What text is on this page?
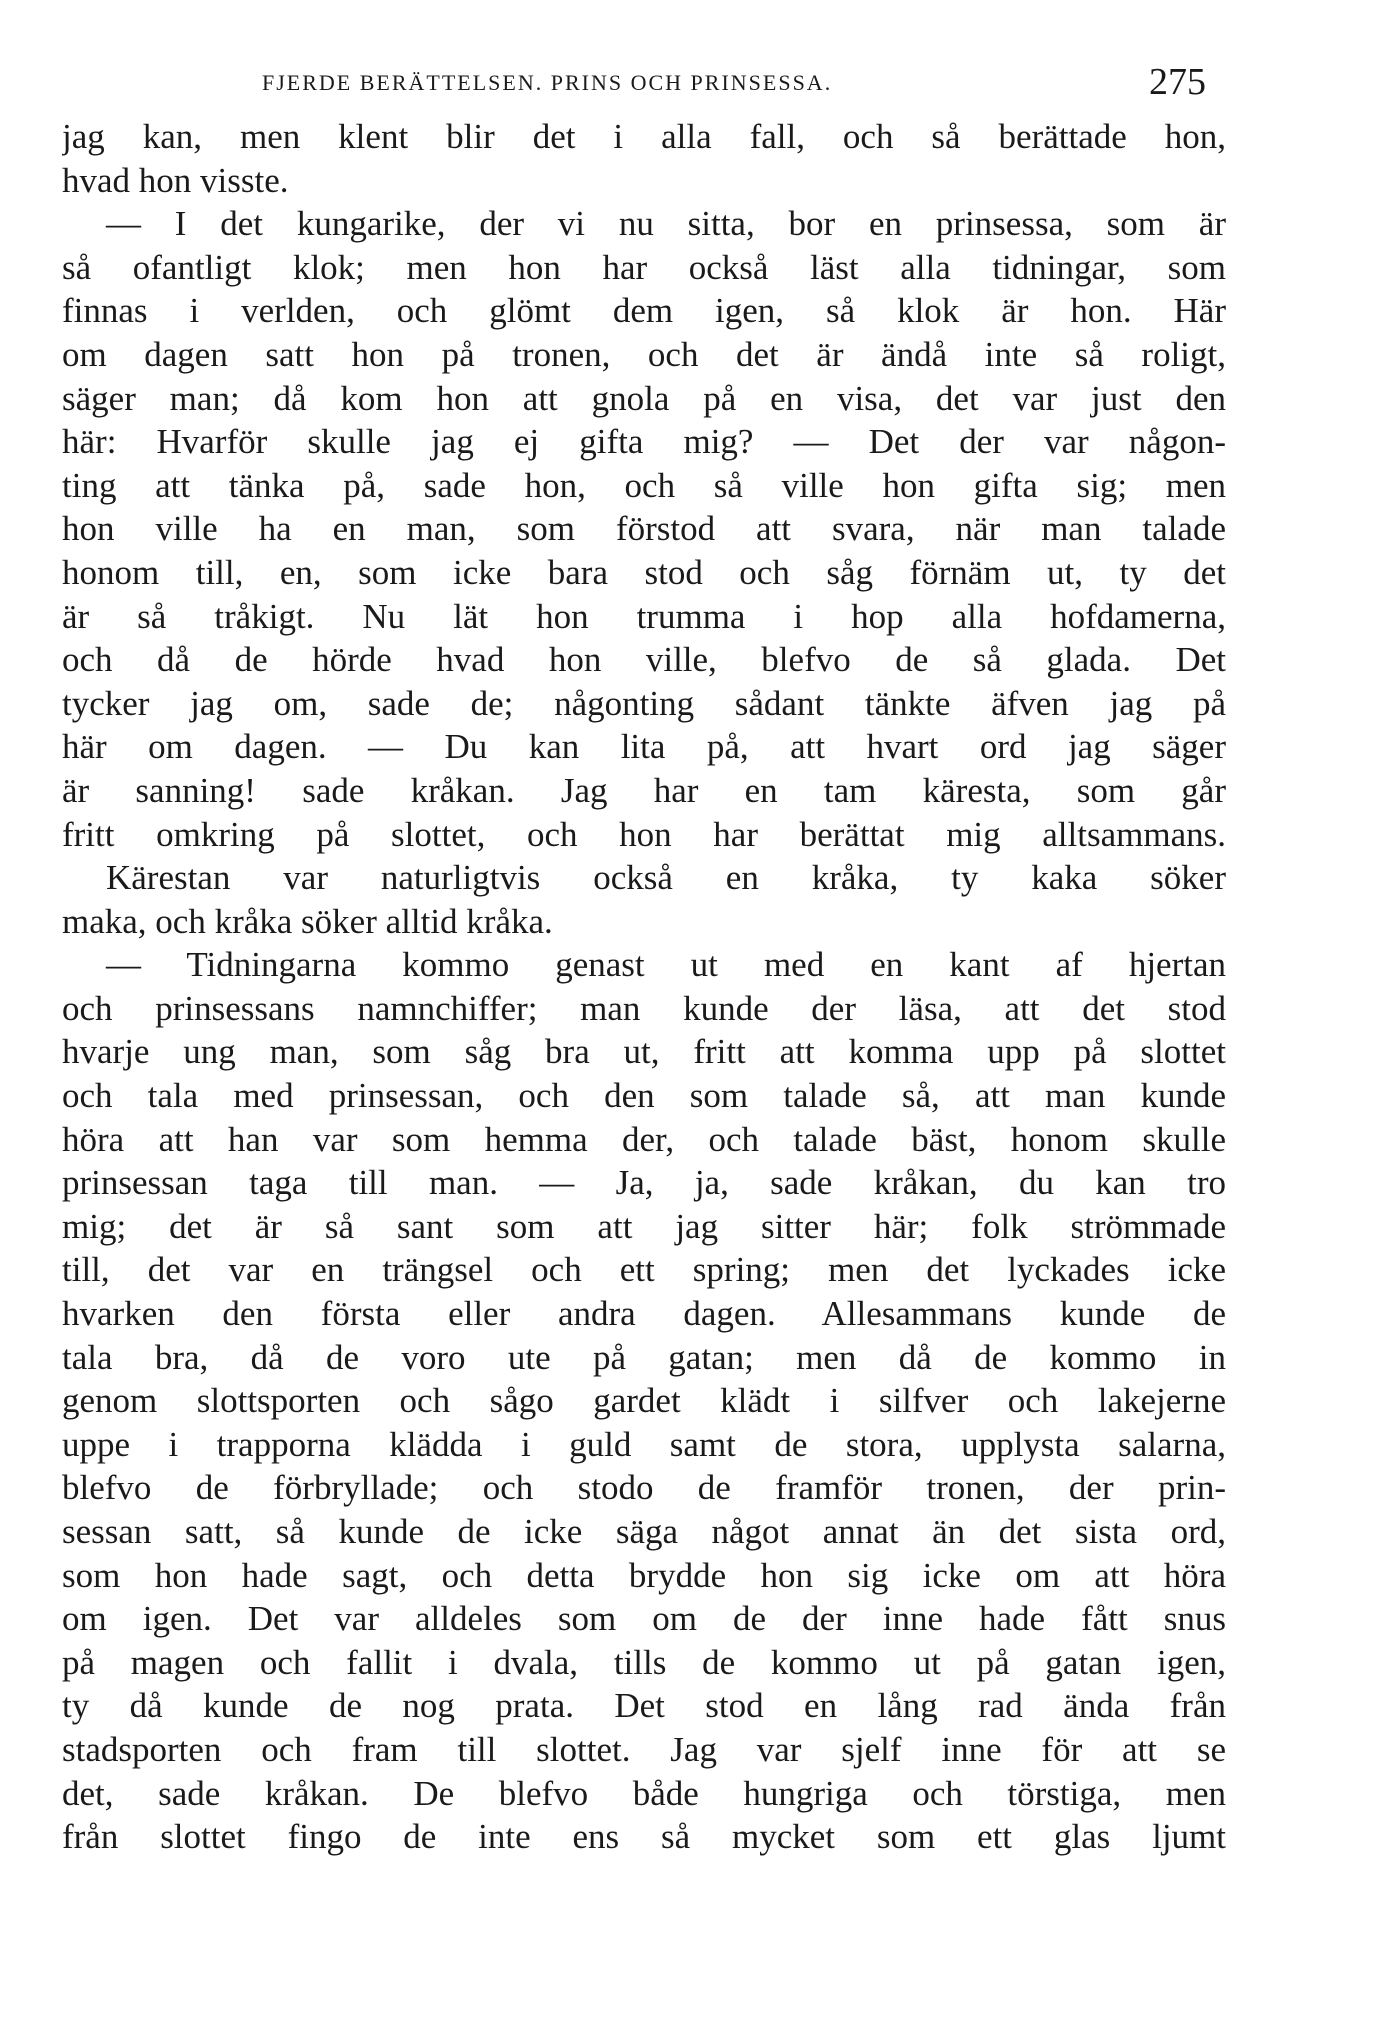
FJERDE BERÄTTELSEN. PRINS OCH PRINSESSA.	275
jag kan, men klent blir det i alla fall, och så berättade hon,
hvad hon visste.
— I det kungarike, der vi nu sitta, bor en prinsessa, som är
så ofantligt klok; men hon har också läst alla tidningar, som
finnas i verlden, och glömt dem igen, så klok är hon. Här
om dagen satt hon på tronen, och det är ändå inte så roligt,
säger man; då kom hon att gnola på en visa, det var just den
här: Hvarför skulle jag ej gifta mig? — Det der var någon-
ting att tänka på, sade hon, och så ville hon gifta sig; men
hon ville ha en man, som förstod att svara, när man talade
honom till, en, som icke bara stod och såg förnäm ut, ty det
är så tråkigt. Nu lät hon trumma i hop alla hofdamerna,
och då de hörde hvad hon ville, blefvo de så glada. Det
tycker jag om, sade de; någonting sådant tänkte äfven jag på
här om dagen. — Du kan lita på, att hvart ord jag säger
är sanning! sade kråkan. Jag har en tam käresta, som går
fritt omkring på slottet, och hon har berättat mig alltsammans.
Kärestan var naturligtvis också en kråka, ty kaka söker
maka, och kråka söker alltid kråka.
— Tidningarna kommo genast ut med en kant af hjertan
och prinsessans namnchiffer; man kunde der läsa, att det stod
hvarje ung man, som såg bra ut, fritt att komma upp på slottet
och tala med prinsessan, och den som talade så, att man kunde
höra att han var som hemma der, och talade bäst, honom skulle
prinsessan taga till man. — Ja, ja, sade kråkan, du kan tro
mig; det är så sant som att jag sitter här; folk strömmade
till, det var en trängsel och ett spring; men det lyckades icke
hvarken den första eller andra dagen. Allesammans kunde de
tala bra, då de voro ute på gatan; men då de kommo in
genom slottsporten och sågo gardet klädt i silfver och lakejerne
uppe i trapporna klädda i guld samt de stora, upplysta salarna,
blefvo de förbryllade; och stodo de framför tronen, der prin-
sessan satt, så kunde de icke säga något annat än det sista ord,
som hon hade sagt, och detta brydde hon sig icke om att höra
om igen. Det var alldeles som om de der inne hade fått snus
på magen och fallit i dvala, tills de kommo ut på gatan igen,
ty då kunde de nog prata. Det stod en lång rad ända från
stadsporten och fram till slottet. Jag var sjelf inne för att se
det, sade kråkan. De blefvo både hungriga och törstiga, men
från slottet fingo de inte ens så mycket som ett glas ljumt
